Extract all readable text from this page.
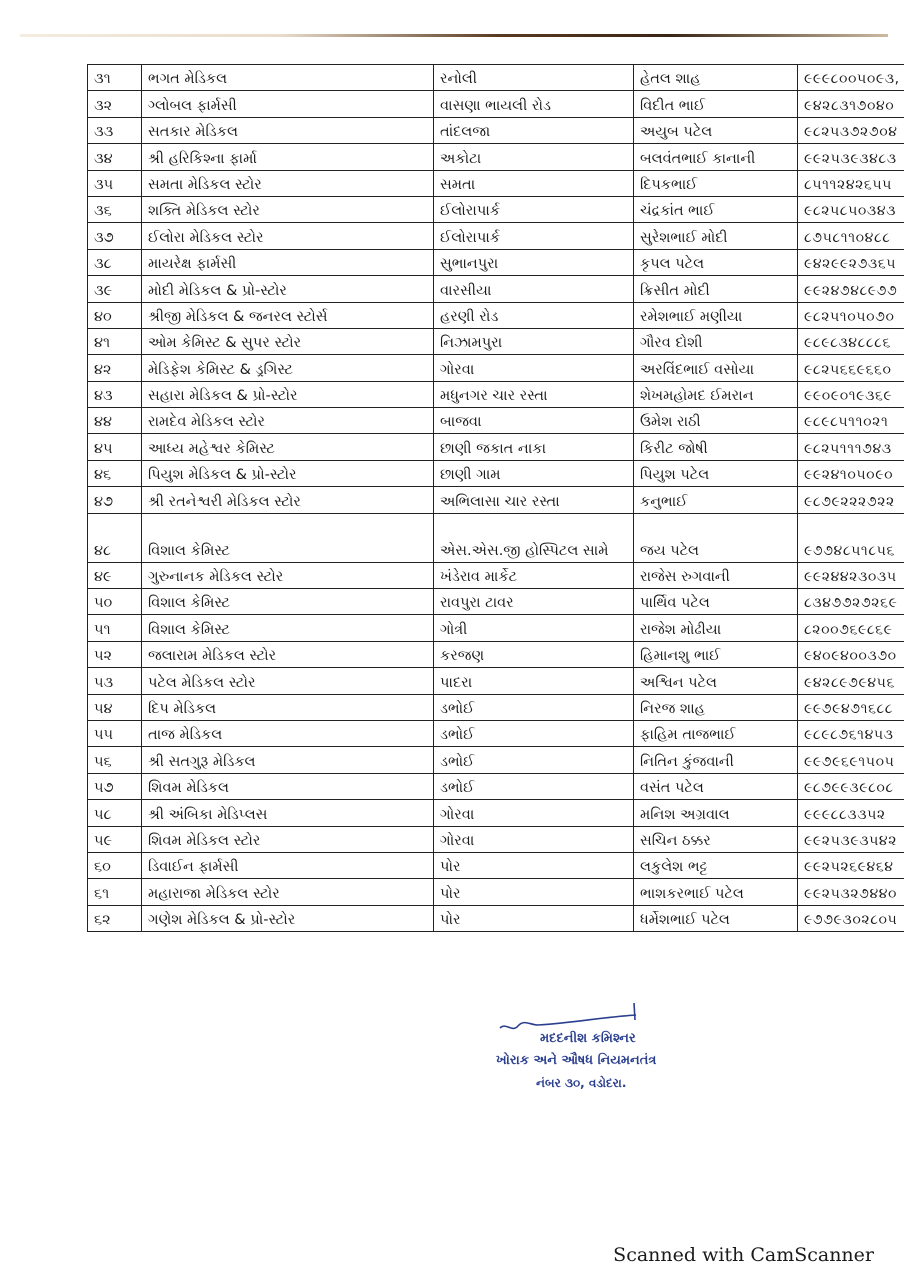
૩૧	ભગત મેડિકલ	રનોલી	હેતલ શાહ	૯૯૯૮૦૦૫૦૯૩,
૩૨	ગ્લોબલ ફાર્મસી	વાસણા ભાયલી રોડ	વિદીત ભાઈ	૯૪૨૮૩૧૭૦૪૦
૩૩	સતકાર મેડિકલ	તાંદલજા	અયુબ પટેલ	૯૮૨૫૩૭૨૭૦૪
૩૪	શ્રી હરિકિશ્ના ફાર્મા	અકોટા	બલવંતભાઈ કાનાની	૯૯૨૫૩૯૩૪૮૩
૩૫	સમતા મેડિકલ સ્ટોર	સમતા	દિપકભાઈ	૮૫૧૧૨૪૨૬૫૫
૩૬	શક્તિ મેડિકલ સ્ટોર	ઈલોરાપાર્ક	ચંદ્રકાંત ભાઈ	૯૮૨૫૮૫૦૩૪૩
૩૭	ઈલોરા મેડિકલ સ્ટોર	ઈલોરાપાર્ક	સુરેશભાઈ મોદી	૮૭૫૮૧૧૦૪૮૮
૩૮	માયરેક્ષ ફાર્મસી	સુભાનપુરા	કૃપલ પટેલ	૯૪૨૯૯૨૭૩૬૫
૩૯	મોદી મેડિકલ & પ્રો-સ્ટોર	વારસીયા	ક્રિસીત મોદી	૯૯૨૪૭૪૮૯૭૭
૪૦	શ્રીજી મેડિકલ & જનરલ સ્ટોર્સ	હરણી રોડ	રમેશભાઈ મણીયા	૯૮૨૫૧૦૫૦૭૦
૪૧	ઓમ કેમિસ્ટ & સુપર સ્ટોર	નિઝામપુરા	ગૌરવ દોશી	૯૮૯૮૩૪૮૮૮૬
૪૨	મેડિફેશ કેમિસ્ટ & ડ્રગિસ્ટ	ગોરવા	અરવિંદભાઈ વસોયા	૯૮૨૫૬૬૯૬૬૦
૪૩	સહારા મેડિકલ & પ્રો-સ્ટોર	મધુનગર ચાર રસ્તા	શેખમહોમદ ઈમરાન	૯૯૦૯૦૧૯૩૬૯
૪૪	રામદેવ મેડિકલ સ્ટોર	બાજવા	ઉમેશ રાઠી	૯૮૯૮૫૧૧૦૨૧
૪૫	આધ્ય મહેશ્વર કેમિસ્ટ	છાણી જકાત નાકા	કિરીટ જોષી	૯૮૨૫૧૧૧૭૪૩
૪૬	પિયુશ મેડિકલ & પ્રો-સ્ટોર	છાણી ગામ	પિયુશ પટેલ	૯૯૨૪૧૦૫૦૯૦
૪૭	શ્રી રતનેશ્વરી મેડિકલ સ્ટોર	અભિલાસા ચાર રસ્તા	કનુભાઈ	૯૮૭૯૨૨૨૭૨૨
૪૮	વિશાલ કેમિસ્ટ	એસ.એસ.જી હોસ્પિટલ સામે	જય પટેલ	૯૭૭૪૮૫૧૮૫૬
૪૯	ગુરુનાનક મેડિકલ સ્ટોર	ખંડેરાવ માર્કેટ	રાજેસ રુગવાની	૯૯૨૪૪૨૩૦૩૫
૫૦	વિશાલ કેમિસ્ટ	રાવપુરા ટાવર	પાર્થિવ પટેલ	૮૩૪૭૭૨૭૨૬૯
૫૧	વિશાલ કેમિસ્ટ	ગોત્રી	રાજેશ મોઢીયા	૮૨૦૦૭૬૯૮૬૯
૫૨	જલારામ મેડિકલ સ્ટોર	કરજણ	હિમાનશુ ભાઈ	૯૪૦૯૪૦૦૩૭૦
૫૩	પટેલ મેડિકલ સ્ટોર	પાદરા	અશ્વિન પટેલ	૯૪૨૮૯૭૯૪૫૬
૫૪	દિપ મેડિકલ	ડભોઈ	નિરજ શાહ	૯૯૭૯૪૭૧૬૮૮
૫૫	તાજ મેડિકલ	ડભોઈ	ફાહિમ તાજભાઈ	૯૮૯૮૭૬૧૪૫૩
૫૬	શ્રી સતગુરૂ મેડિકલ	ડભોઈ	નિતિન કુંજવાની	૯૯૭૯૬૯૧૫૦૫
૫૭	શિવમ મેડિકલ	ડભોઈ	વસંત પટેલ	૯૮૭૯૯૩૯૮૦૮
૫૮	શ્રી અંબિકા મેડિપ્લસ	ગોરવા	મનિશ અગ્રવાલ	૯૯૯૮૮૩૩૫૨
૫૯	શિવમ મેડિકલ સ્ટોર	ગોરવા	સચિન ઠક્કર	૯૯૨૫૩૯૩૫૪૨
૬૦	ડિવાઈન ફાર્મસી	પોર	લકુલેશ ભટ્ટ	૯૯૨૫૨૬૯૪૬૪
૬૧	મહારાજા મેડિકલ સ્ટોર	પોર	ભાશકરભાઈ પટેલ	૯૯૨૫૩૨૭૪૪૦
૬૨	ગણેશ મેડિકલ & પ્રો-સ્ટોર	પોર	ધર્મેશભાઈ પટેલ	૯૭૭૯૩૦૨૮૦૫
મદદનીશ કમિશ્નર
ખોરાક અને ઔષધ નિયમનતંત્ર
નંબર ૩૦, વડોદરા.
Scanned with CamScanner
